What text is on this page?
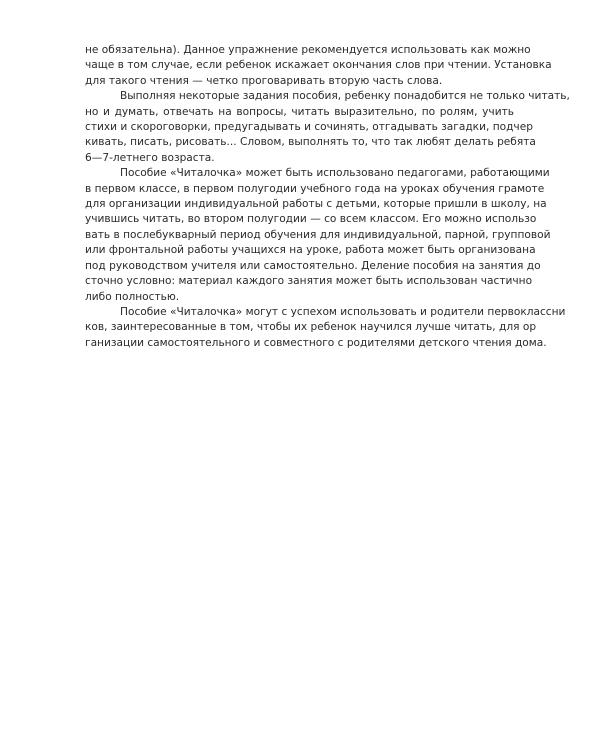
не обязательна). Данное упражнение рекомендуется использовать как можно
чаще в том случае, если ребенок искажает окончания слов при чтении. Установка
для такого чтения — четко проговаривать вторую часть слова.

Выполняя некоторые задания пособия, ребенку понадобится не только читать,
но и думать, отвечать на вопросы, читать выразительно, по ролям, учить
стихи и скороговорки, предугадывать и сочинять, отгадывать загадки, подчер
кивать, писать, рисовать... Словом, выполнять то, что так любят делать ребята
6—7-летнего возраста.

Пособие «Читалочка» может быть использовано педагогами, работающими
в первом классе, в первом полугодии учебного года на уроках обучения грамоте
для организации индивидуальной работы с детьми, которые пришли в школу, на
учившись читать, во втором полугодии — со всем классом. Его можно использо
вать в послебукварный период обучения для индивидуальной, парной, групповой
или фронтальной работы учащихся на уроке, работа может быть организована
под руководством учителя или самостоятельно. Деление пособия на занятия до
сточно условно: материал каждого занятия может быть использован частично
либо полностью.

Пособие «Читалочка» могут с успехом использовать и родители первоклассни
ков, заинтересованные в том, чтобы их ребенок научился лучше читать, для ор
ганизации самостоятельного и совместного с родителями детского чтения дома.
